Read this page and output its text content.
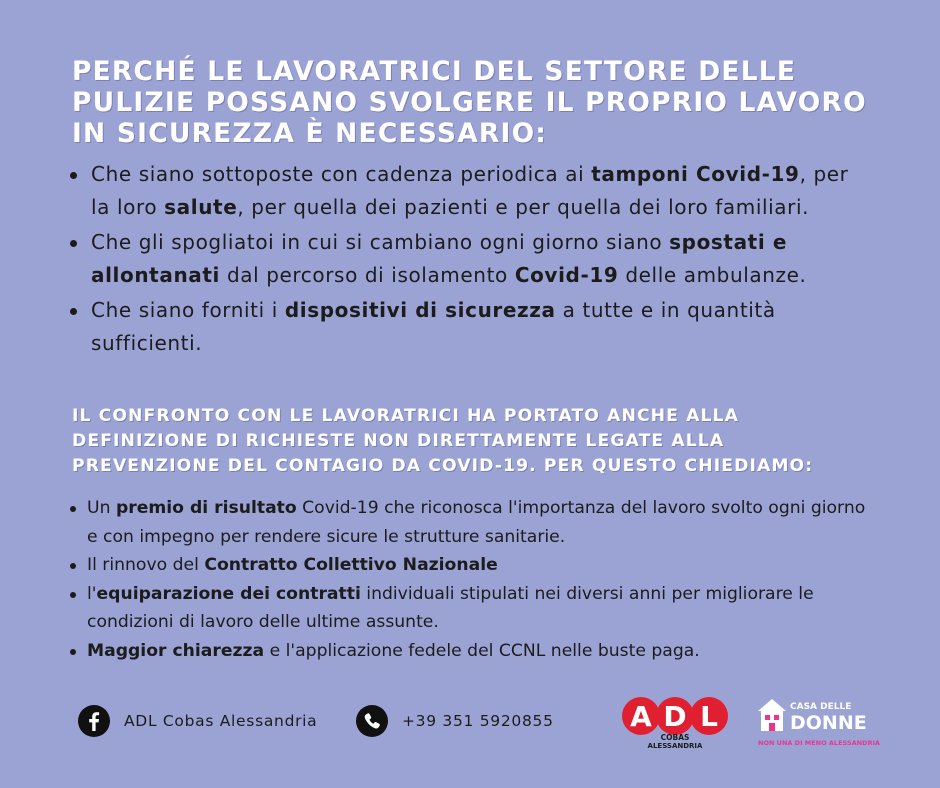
PERCHÉ LE LAVORATRICI DEL SETTORE DELLE PULIZIE POSSANO SVOLGERE IL PROPRIO LAVORO IN SICUREZZA È NECESSARIO:
Che siano sottoposte con cadenza periodica ai tamponi Covid-19, per la loro salute, per quella dei pazienti e per quella dei loro familiari.
Che gli spogliatoi in cui si cambiano ogni giorno siano spostati e allontanati dal percorso di isolamento Covid-19 delle ambulanze.
Che siano forniti i dispositivi di sicurezza a tutte e in quantità sufficienti.
IL CONFRONTO CON LE LAVORATRICI HA PORTATO ANCHE ALLA DEFINIZIONE DI RICHIESTE NON DIRETTAMENTE LEGATE ALLA PREVENZIONE DEL CONTAGIO DA COVID-19. PER QUESTO CHIEDIAMO:
Un premio di risultato Covid-19 che riconosca l'importanza del lavoro svolto ogni giorno e con impegno per rendere sicure le strutture sanitarie.
Il rinnovo del Contratto Collettivo Nazionale
l'equiparazione dei contratti individuali stipulati nei diversi anni per migliorare le condizioni di lavoro delle ultime assunte.
Maggior chiarezza e l'applicazione fedele del CCNL nelle buste paga.
ADL Cobas Alessandria	+39 351 5920855	A D L
COBAS
ALESSANDRIA
CASA DELLE
DONNE
NON UNA DI MENO ALESSANDRIA
